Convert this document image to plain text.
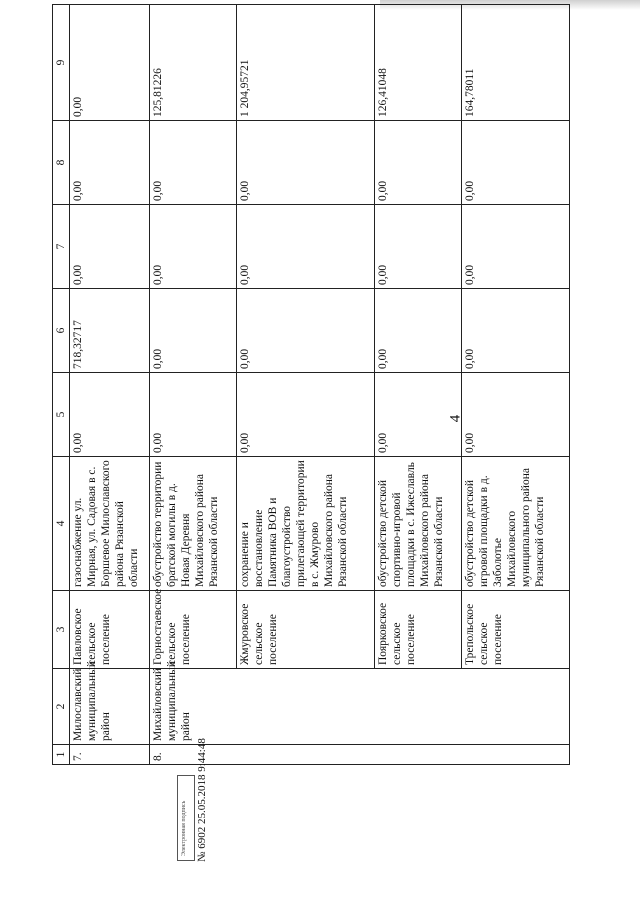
4
1	2	3	4	5	6	7	8	9
7.	Милославский муниципальный район	Павловское сельское поселение	газоснабжение ул. Мирная, ул. Садовая в с. Боршевое Милославского района Рязанской области	0,00	718,32717	0,00	0,00	0,00
8.	Михайловский муниципальный район	Горностаевское сельское поселение	обустройство территории братской могилы в д. Новая Деревня Михайловского района Рязанской области	0,00	0,00	0,00	0,00	125,81226
		Жмуровское сельское поселение	сохранение и восстановление Памятника ВОВ и благоустройство прилегающей территории в с. Жмурово Михайловского района Рязанской области	0,00	0,00	0,00	0,00	1 204,95721
		Поярковское сельское поселение	обустройство детской спортивно-игровой площадки в с. Ижеславль Михайловского района Рязанской области	0,00	0,00	0,00	0,00	126,41048
		Трепольское сельское поселение	обустройство детской игровой площадки в д. Заболотье Михайловского муниципального района Рязанской области	0,00	0,00	0,00	0,00	164,78011
Электронная подпись № 6902 25.05.2018 9:44:48
